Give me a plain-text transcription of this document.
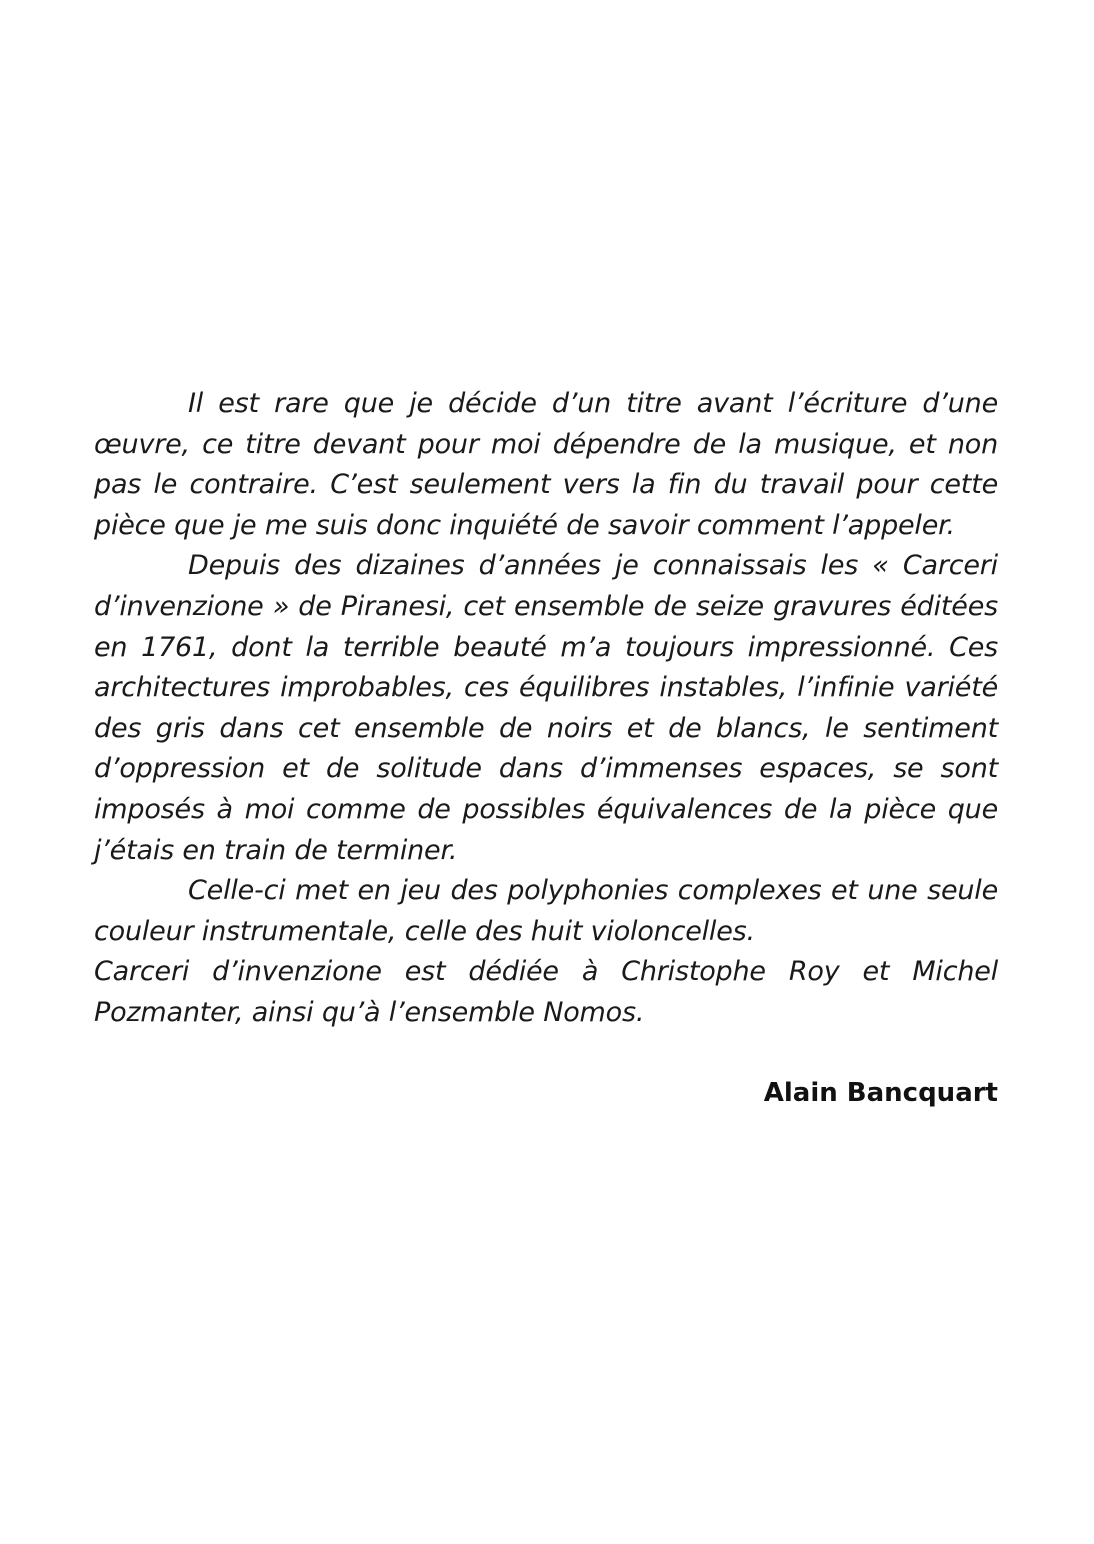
Il est rare que je décide d’un titre avant l’écriture d’une œuvre, ce titre devant pour moi dépendre de la musique, et non pas le contraire. C’est seulement vers la fin du travail pour cette pièce que je me suis donc inquiété de savoir comment l’appeler.

Depuis des dizaines d’années je connaissais les « Carceri d’invenzione » de Piranesi, cet ensemble de seize gravures éditées en 1761, dont la terrible beauté m’a toujours impressionné. Ces architectures improbables, ces équilibres instables, l’infinie variété des gris dans cet ensemble de noirs et de blancs, le sentiment d’oppression et de solitude dans d’immenses espaces, se sont imposés à moi comme de possibles équivalences de la pièce que j’étais en train de terminer.

Celle-ci met en jeu des polyphonies complexes et une seule couleur instrumentale, celle des huit violoncelles.

Carceri d’invenzione est dédiée à Christophe Roy et Michel Pozmanter, ainsi qu’à l’ensemble Nomos.

Alain Bancquart
